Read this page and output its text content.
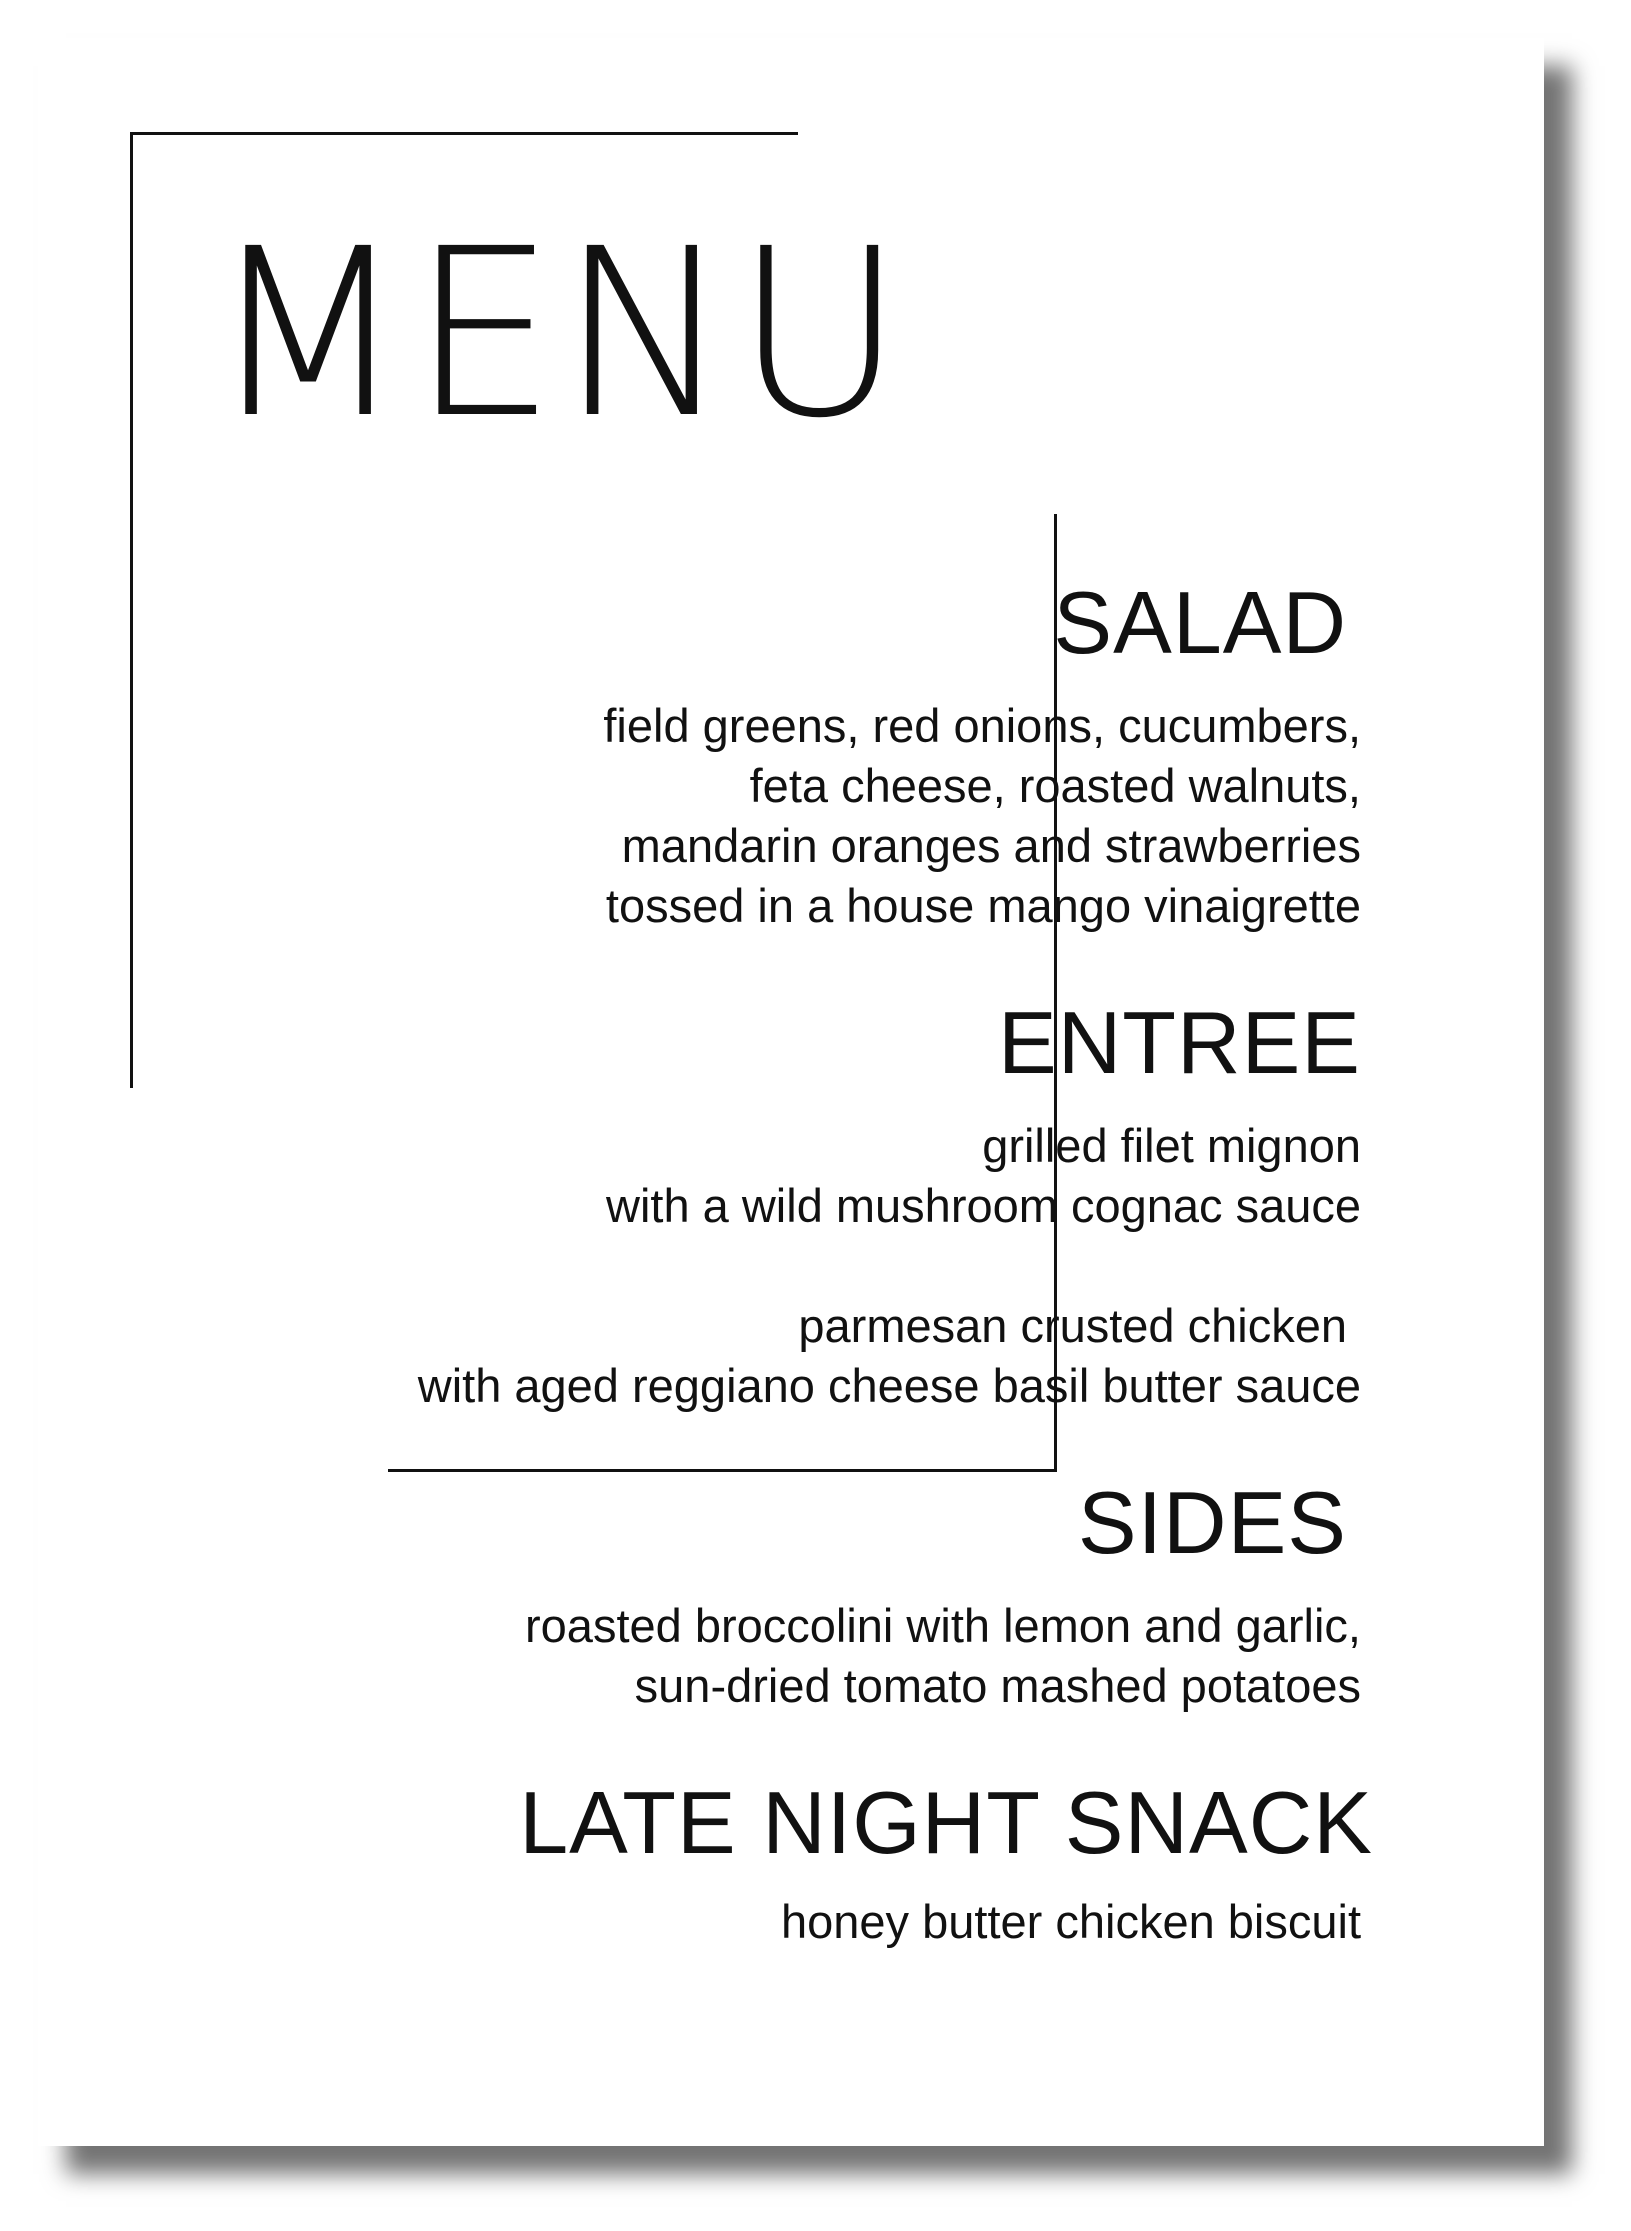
MENU
SALAD

field greens, red onions, cucumbers,

feta cheese, roasted walnuts,

mandarin oranges and strawberries

tossed in a house mango vinaigrette

ENTREE

grilled filet mignon

with a wild mushroom cognac sauce

parmesan crusted chicken

with aged reggiano cheese basil butter sauce

SIDES

roasted broccolini with lemon and garlic,

sun-dried tomato mashed potatoes

LATE NIGHT SNACK

honey butter chicken biscuit
